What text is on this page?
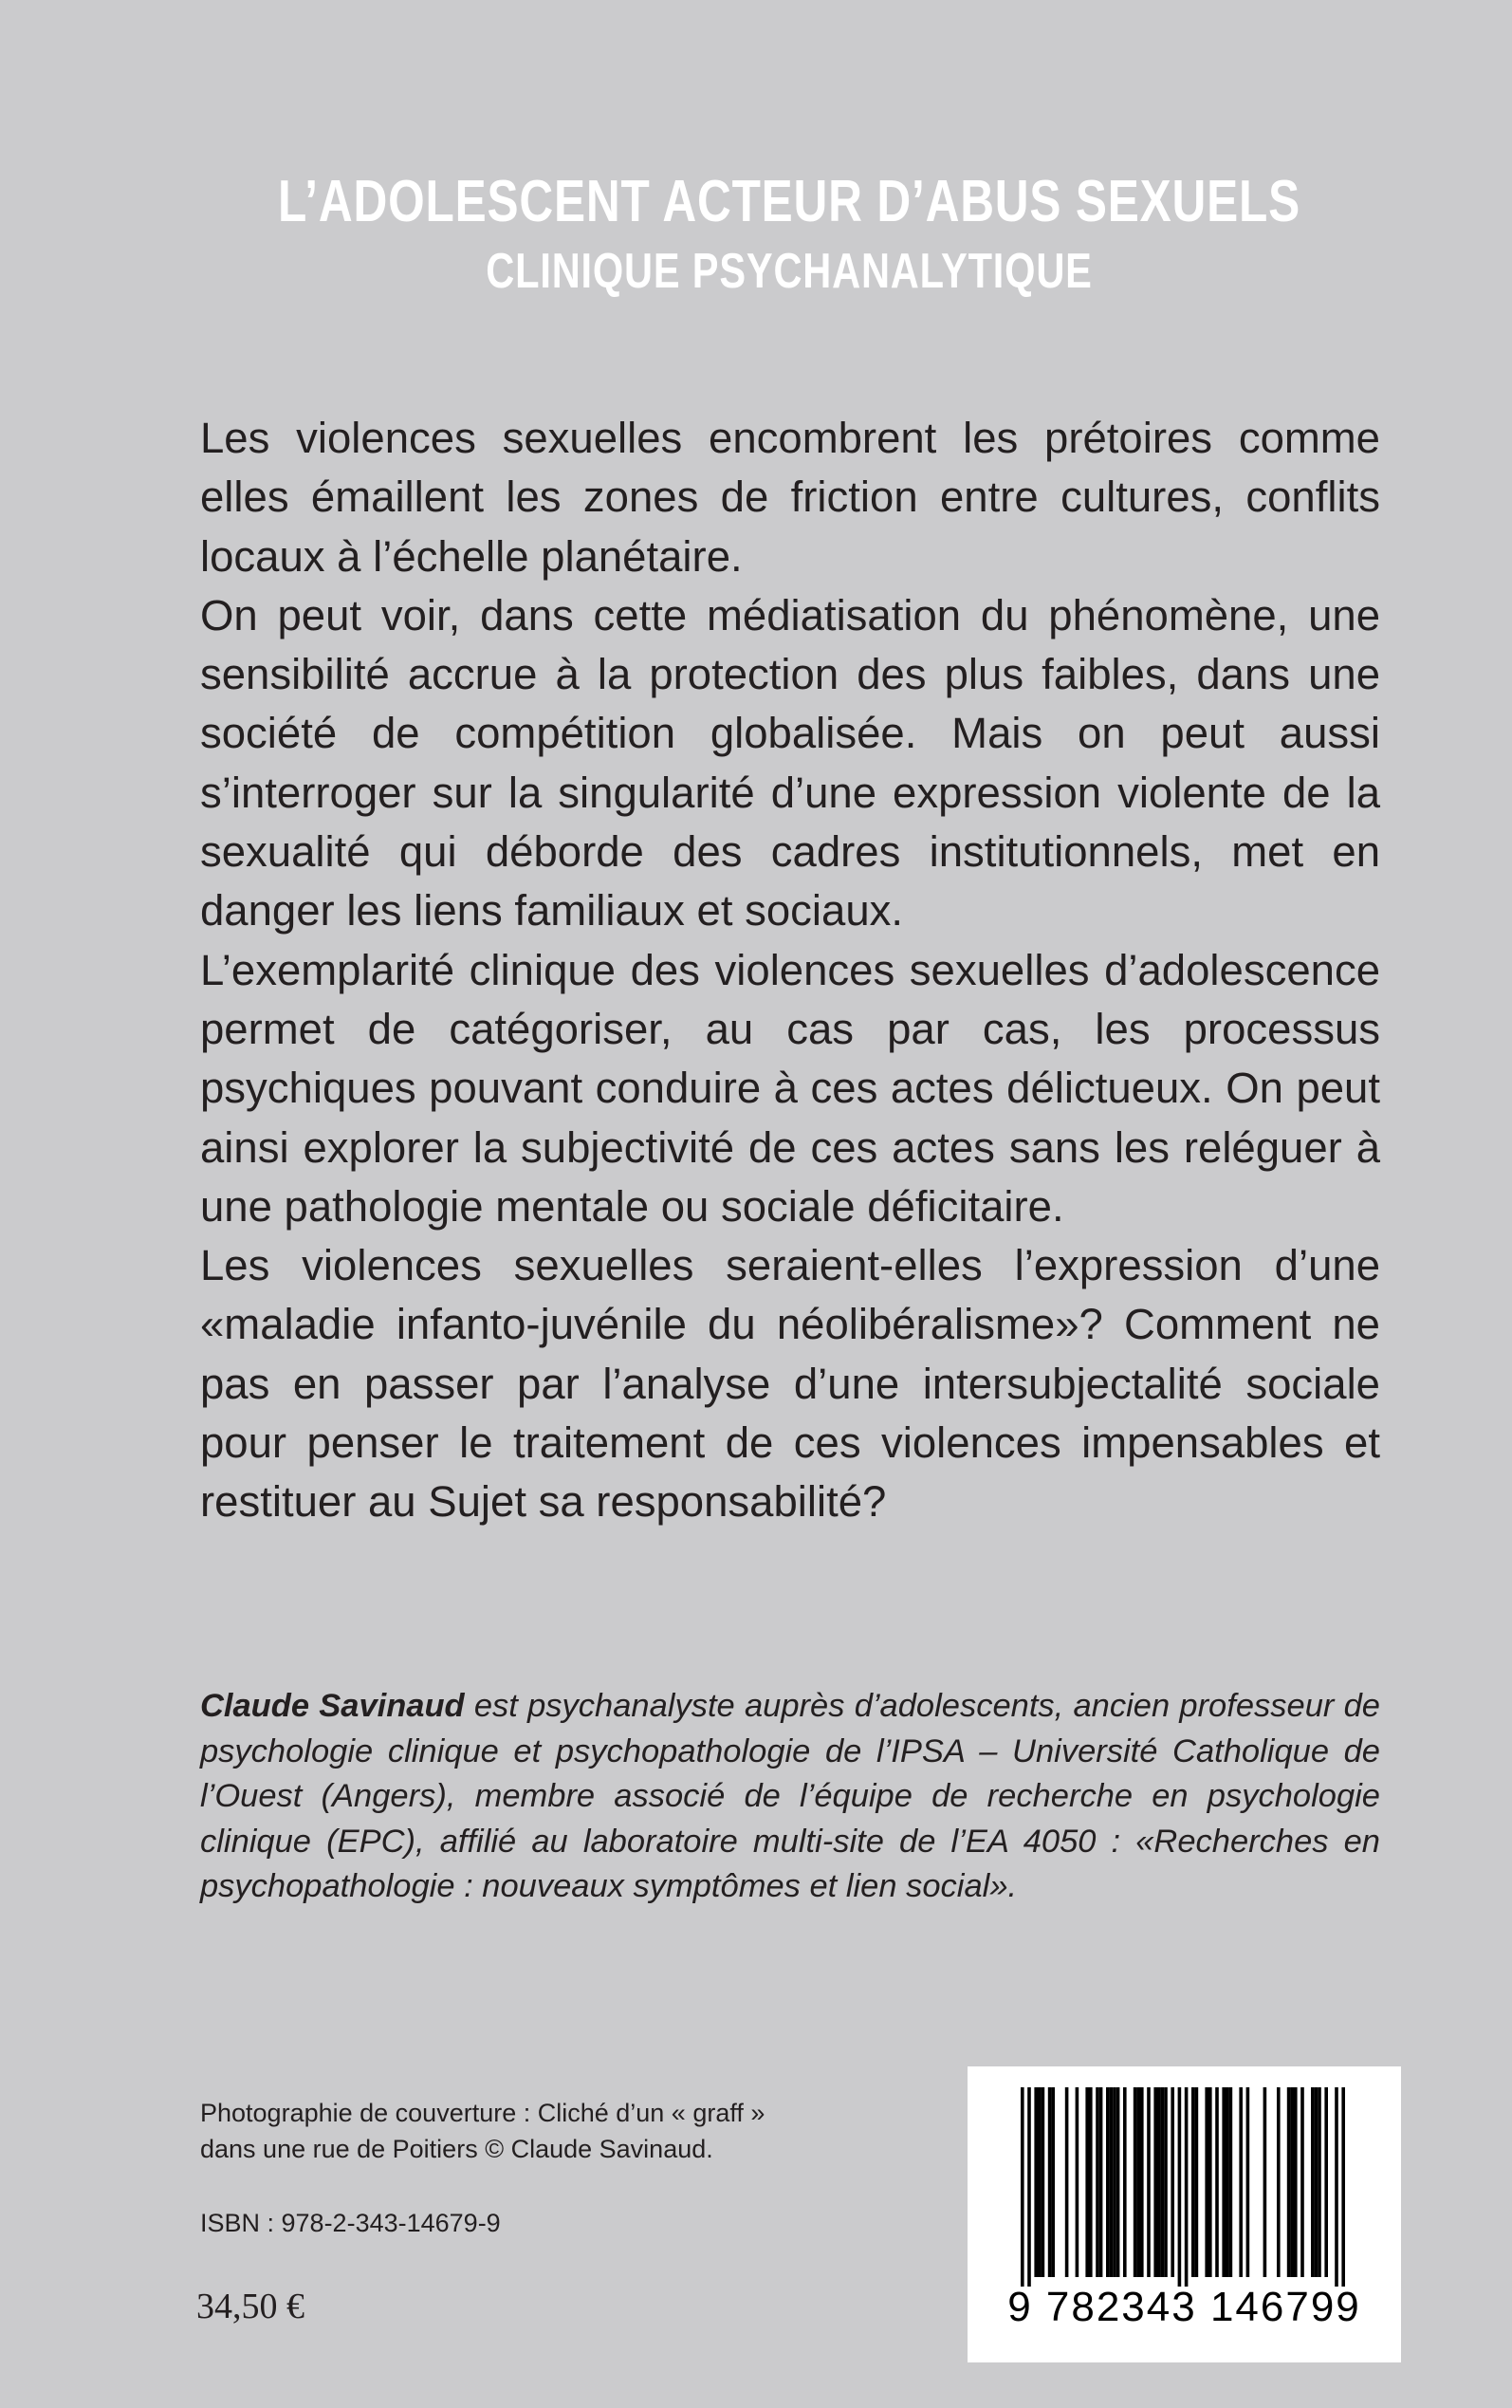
L’ADOLESCENT ACTEUR D’ABUS SEXUELS
CLINIQUE PSYCHANALYTIQUE

Les violences sexuelles encombrent les prétoires comme elles émaillent les zones de friction entre cultures, conflits locaux à l’échelle planétaire.

On peut voir, dans cette médiatisation du phénomène, une sensibilité accrue à la protection des plus faibles, dans une société de compétition globalisée. Mais on peut aussi s’interroger sur la singularité d’une expression violente de la sexualité qui déborde des cadres institutionnels, met en danger les liens familiaux et sociaux.

L’exemplarité clinique des violences sexuelles d’adolescence permet de catégoriser, au cas par cas, les processus psychiques pouvant conduire à ces actes délictueux. On peut ainsi explorer la subjectivité de ces actes sans les reléguer à une pathologie mentale ou sociale déficitaire.

Les violences sexuelles seraient-elles l’expression d’une «maladie infanto-juvénile du néolibéralisme»? Comment ne pas en passer par l’analyse d’une intersubjectalité sociale pour penser le traitement de ces violences impensables et restituer au Sujet sa responsabilité?

Claude Savinaud est psychanalyste auprès d’adolescents, ancien professeur de psychologie clinique et psychopathologie de l’IPSA – Université Catholique de l’Ouest (Angers), membre associé de l’équipe de recherche en psychologie clinique (EPC), affilié au laboratoire multi-site de l’EA 4050 : «Recherches en psychopathologie : nouveaux symptômes et lien social».
Photographie de couverture : Cliché d’un « graff »
dans une rue de Poitiers © Claude Savinaud.
ISBN : 978-2-343-14679-9
34,50 €	9 782343 146799
